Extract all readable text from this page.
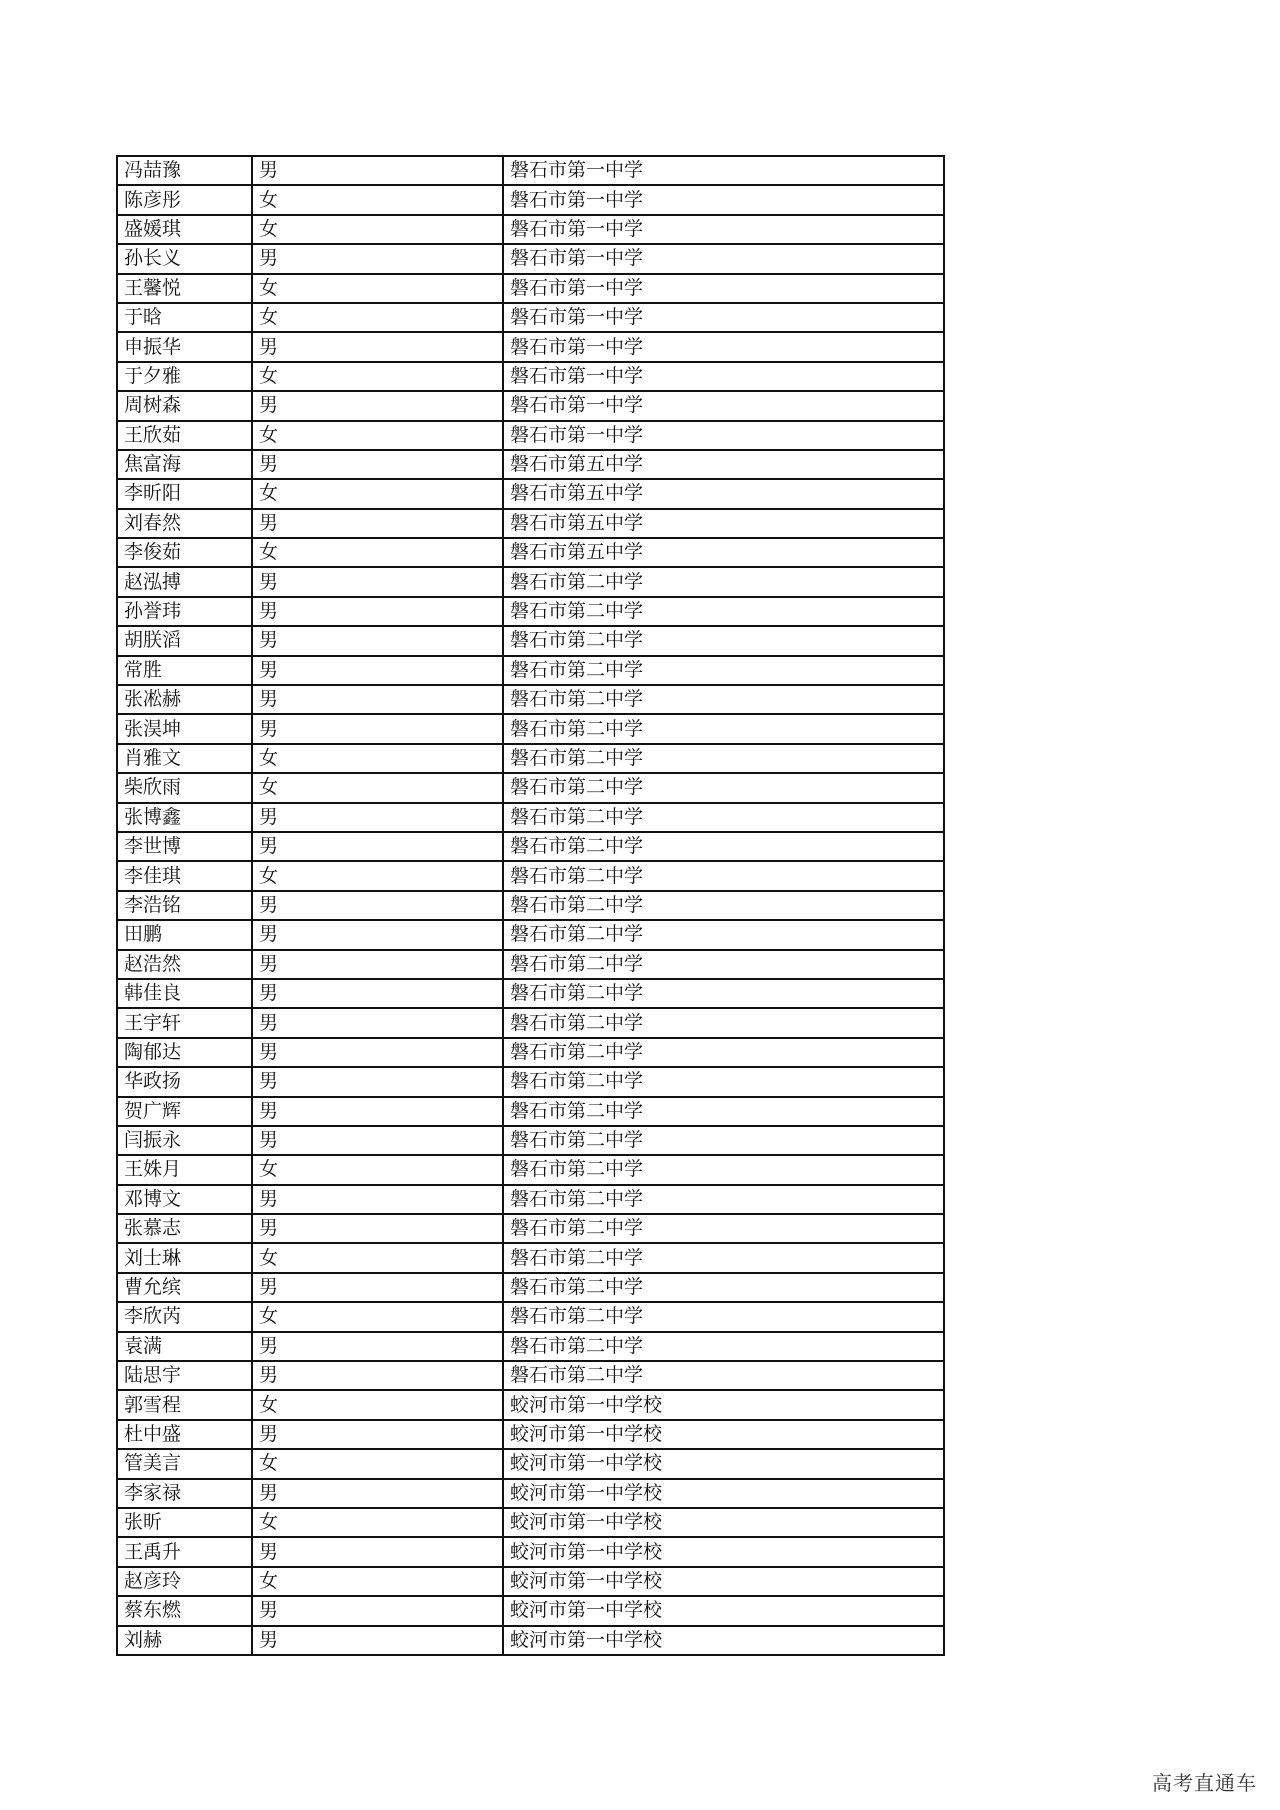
冯喆豫	男	磐石市第一中学
陈彦彤	女	磐石市第一中学
盛媛琪	女	磐石市第一中学
孙长义	男	磐石市第一中学
王馨悦	女	磐石市第一中学
于晗	女	磐石市第一中学
申振华	男	磐石市第一中学
于夕雅	女	磐石市第一中学
周树森	男	磐石市第一中学
王欣茹	女	磐石市第一中学
焦富海	男	磐石市第五中学
李昕阳	女	磐石市第五中学
刘春然	男	磐石市第五中学
李俊茹	女	磐石市第五中学
赵泓搏	男	磐石市第二中学
孙誉玮	男	磐石市第二中学
胡朕滔	男	磐石市第二中学
常胜	男	磐石市第二中学
张凇赫	男	磐石市第二中学
张淏坤	男	磐石市第二中学
肖雅文	女	磐石市第二中学
柴欣雨	女	磐石市第二中学
张博鑫	男	磐石市第二中学
李世博	男	磐石市第二中学
李佳琪	女	磐石市第二中学
李浩铭	男	磐石市第二中学
田鹏	男	磐石市第二中学
赵浩然	男	磐石市第二中学
韩佳良	男	磐石市第二中学
王宇轩	男	磐石市第二中学
陶郁达	男	磐石市第二中学
华政扬	男	磐石市第二中学
贺广辉	男	磐石市第二中学
闫振永	男	磐石市第二中学
王姝月	女	磐石市第二中学
邓博文	男	磐石市第二中学
张慕志	男	磐石市第二中学
刘士琳	女	磐石市第二中学
曹允缤	男	磐石市第二中学
李欣芮	女	磐石市第二中学
袁满	男	磐石市第二中学
陆思宇	男	磐石市第二中学
郭雪程	女	蛟河市第一中学校
杜中盛	男	蛟河市第一中学校
管美言	女	蛟河市第一中学校
李家禄	男	蛟河市第一中学校
张昕	女	蛟河市第一中学校
王禹升	男	蛟河市第一中学校
赵彦玲	女	蛟河市第一中学校
蔡东燃	男	蛟河市第一中学校
刘赫	男	蛟河市第一中学校
高考直通车
